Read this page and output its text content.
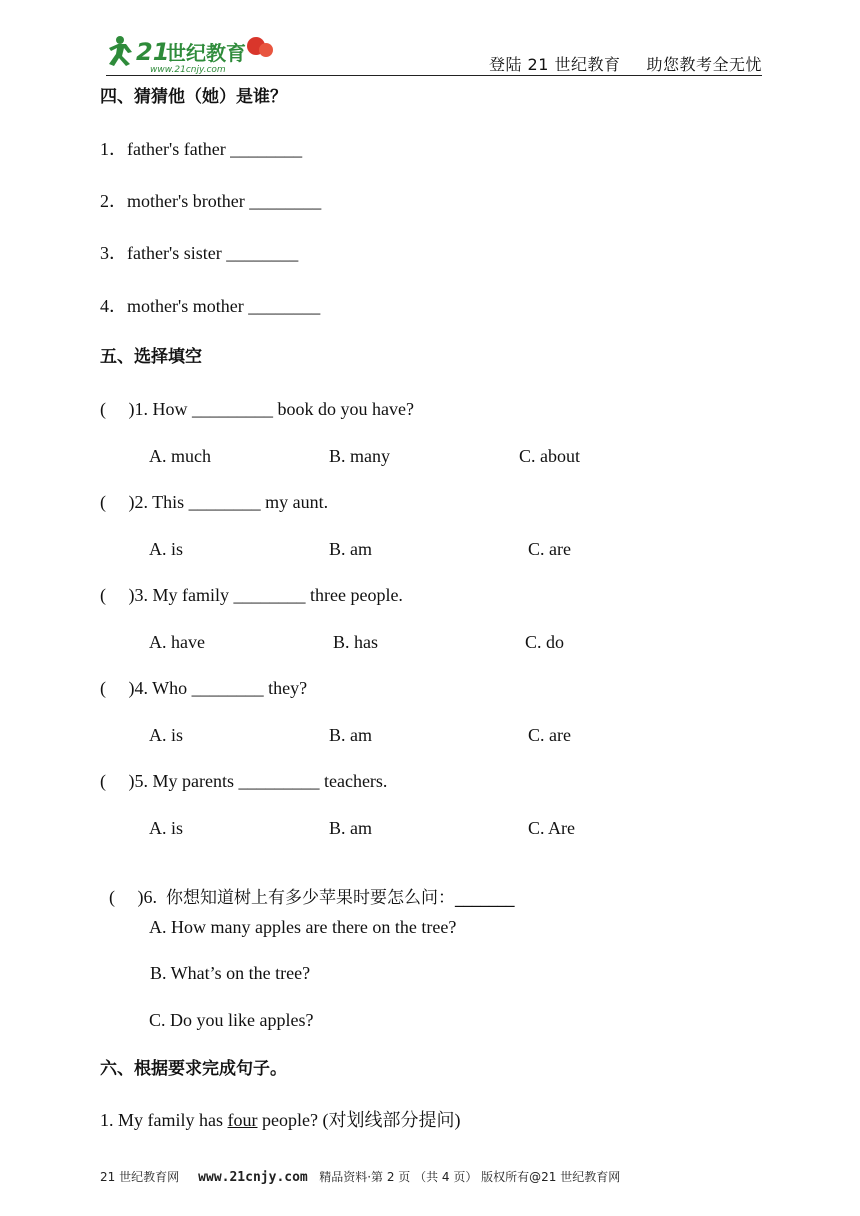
21
世纪教育
www.21cnjy.com	登陆 21 世纪教育 助您教考全无忧
四、猜猜他（她）是谁？
1．father's father ________
2．mother's brother ________
3．father's sister ________
4．mother's mother ________
五、选择填空
(     )1. How _________ book do you have?
A. much	B. many	C. about
(     )2. This ________ my aunt.
A. is	B. am	C. are
(     )3. My family ________ three people.
A. have	B. has	C. do
(     )4. Who ________ they?
A. is	B. am	C. are
(     )5. My parents _________ teachers.
A. is	B. am	C. Are

(     )6. 你想知道树上有多少苹果时要怎么问：_______

A. How many apples are there on the tree?
B. What’s on the tree?
C. Do you like apples?
六、根据要求完成句子。
1. My family has four people? (对划线部分提问)
21 世纪教育网 www.21cnjy.com 精品资料·第 2 页 （共 4 页） 版权所有@21 世纪教育网
